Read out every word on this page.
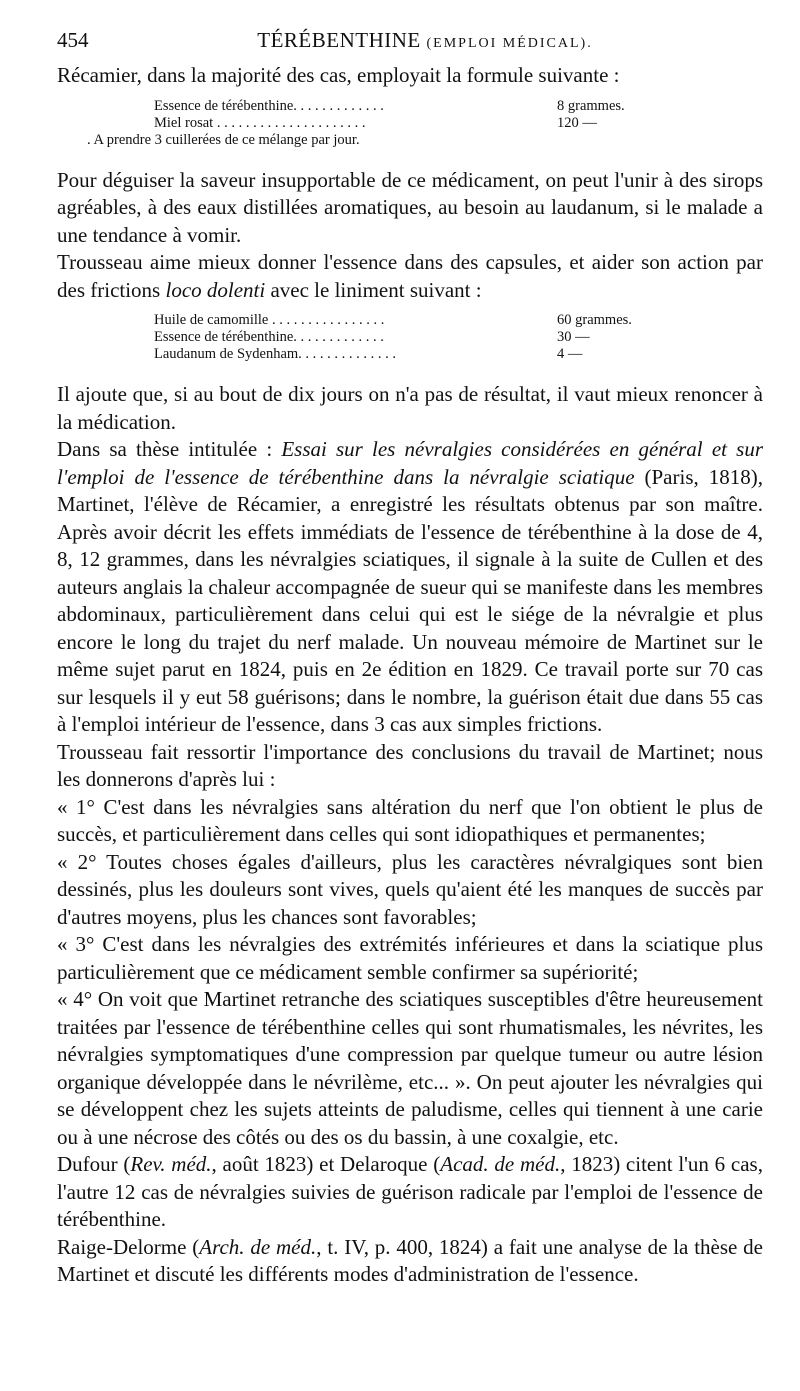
454	TÉRÉBENTHINE (EMPLOI MÉDICAL).

Récamier, dans la majorité des cas, employait la formule suivante :

Essence de térébenthine. . . . . . . . . . . . .	8 grammes.
Miel rosat . . . . . . . . . . . . . . . . . . . . .	120 —
. A prendre 3 cuillerées de ce mélange par jour.

Pour déguiser la saveur insupportable de ce médicament, on peut l'unir à des sirops agréables, à des eaux distillées aromatiques, au besoin au laudanum, si le malade a une tendance à vomir.

Trousseau aime mieux donner l'essence dans des capsules, et aider son action par des frictions loco dolenti avec le liniment suivant :

Huile de camomille . . . . . . . . . . . . . . . .	60 grammes.
Essence de térébenthine. . . . . . . . . . . . .	30 —
Laudanum de Sydenham. . . . . . . . . . . . . .	4 —

Il ajoute que, si au bout de dix jours on n'a pas de résultat, il vaut mieux renoncer à la médication.

Dans sa thèse intitulée : Essai sur les névralgies considérées en général et sur l'emploi de l'essence de térébenthine dans la névralgie sciatique (Paris, 1818), Martinet, l'élève de Récamier, a enregistré les résultats obtenus par son maître. Après avoir décrit les effets immédiats de l'essence de térébenthine à la dose de 4, 8, 12 grammes, dans les névralgies sciatiques, il signale à la suite de Cullen et des auteurs anglais la chaleur accompagnée de sueur qui se manifeste dans les membres abdominaux, particulièrement dans celui qui est le siége de la névralgie et plus encore le long du trajet du nerf malade. Un nouveau mémoire de Martinet sur le même sujet parut en 1824, puis en 2e édition en 1829. Ce travail porte sur 70 cas sur lesquels il y eut 58 guérisons; dans le nombre, la guérison était due dans 55 cas à l'emploi intérieur de l'essence, dans 3 cas aux simples frictions.

Trousseau fait ressortir l'importance des conclusions du travail de Martinet; nous les donnerons d'après lui :

« 1° C'est dans les névralgies sans altération du nerf que l'on obtient le plus de succès, et particulièrement dans celles qui sont idiopathiques et permanentes;

« 2° Toutes choses égales d'ailleurs, plus les caractères névralgiques sont bien dessinés, plus les douleurs sont vives, quels qu'aient été les manques de succès par d'autres moyens, plus les chances sont favorables;

« 3° C'est dans les névralgies des extrémités inférieures et dans la sciatique plus particulièrement que ce médicament semble confirmer sa supériorité;

« 4° On voit que Martinet retranche des sciatiques susceptibles d'être heureusement traitées par l'essence de térébenthine celles qui sont rhumatismales, les névrites, les névralgies symptomatiques d'une compression par quelque tumeur ou autre lésion organique développée dans le névrilème, etc... ». On peut ajouter les névralgies qui se développent chez les sujets atteints de paludisme, celles qui tiennent à une carie ou à une nécrose des côtés ou des os du bassin, à une coxalgie, etc.

Dufour (Rev. méd., août 1823) et Delaroque (Acad. de méd., 1823) citent l'un 6 cas, l'autre 12 cas de névralgies suivies de guérison radicale par l'emploi de l'essence de térébenthine.

Raige-Delorme (Arch. de méd., t. IV, p. 400, 1824) a fait une analyse de la thèse de Martinet et discuté les différents modes d'administration de l'essence.
